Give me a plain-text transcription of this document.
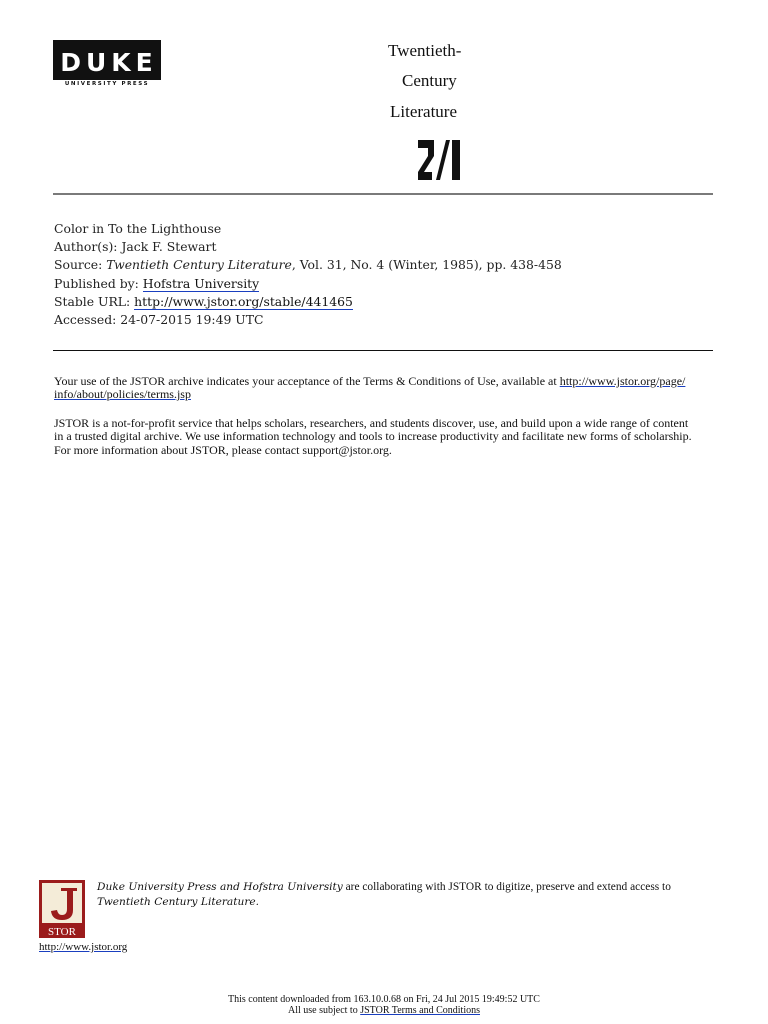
DUKE
UNIVERSITY PRESS
Twentieth-
Century
Literature
Color in To the Lighthouse
Author(s): Jack F. Stewart
Source: Twentieth Century Literature, Vol. 31, No. 4 (Winter, 1985), pp. 438-458
Published by: Hofstra University
Stable URL: http://www.jstor.org/stable/441465
Accessed: 24-07-2015 19:49 UTC
Your use of the JSTOR archive indicates your acceptance of the Terms & Conditions of Use, available at http://www.jstor.org/page/
info/about/policies/terms.jsp
JSTOR is a not-for-profit service that helps scholars, researchers, and students discover, use, and build upon a wide range of content
in a trusted digital archive. We use information technology and tools to increase productivity and facilitate new forms of scholarship.
For more information about JSTOR, please contact support@jstor.org.
STOR
Duke University Press and Hofstra University are collaborating with JSTOR to digitize, preserve and extend access to
Twentieth Century Literature.
http://www.jstor.org
This content downloaded from 163.10.0.68 on Fri, 24 Jul 2015 19:49:52 UTC
All use subject to JSTOR Terms and Conditions
